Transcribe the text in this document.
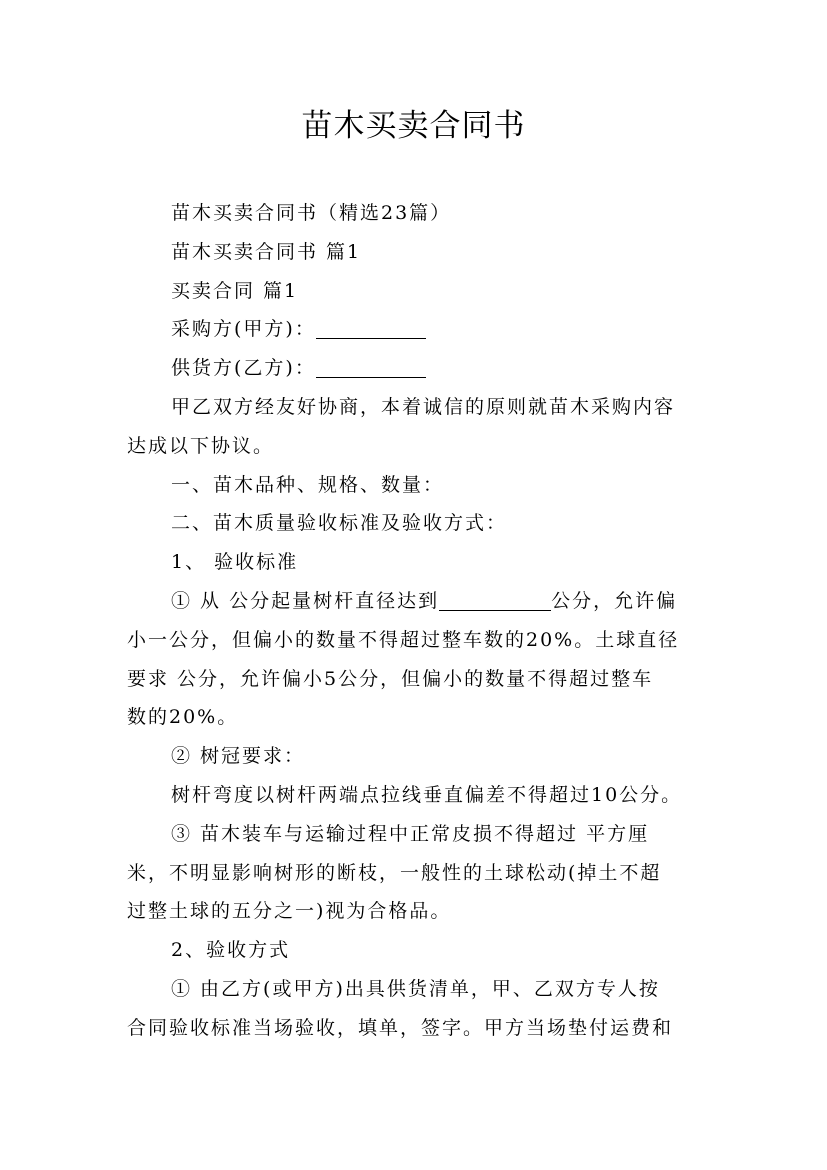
苗木买卖合同书
苗木买卖合同书（精选23篇）
苗木买卖合同书 篇1
买卖合同 篇1
采购方(甲方)：
供货方(乙方)：
甲乙双方经友好协商，本着诚信的原则就苗木采购内容
达成以下协议。
一、苗木品种、规格、数量：
二、苗木质量验收标准及验收方式：
1、 验收标准
① 从 公分起量树杆直径达到	公分，允许偏
小一公分，但偏小的数量不得超过整车数的20%。土球直径
要求 公分，允许偏小5公分，但偏小的数量不得超过整车
数的20%。
② 树冠要求：
树杆弯度以树杆两端点拉线垂直偏差不得超过10公分。
③ 苗木装车与运输过程中正常皮损不得超过 平方厘
米，不明显影响树形的断枝，一般性的土球松动(掉土不超
过整土球的五分之一)视为合格品。
2、验收方式
① 由乙方(或甲方)出具供货清单，甲、乙双方专人按
合同验收标准当场验收，填单，签字。甲方当场垫付运费和
